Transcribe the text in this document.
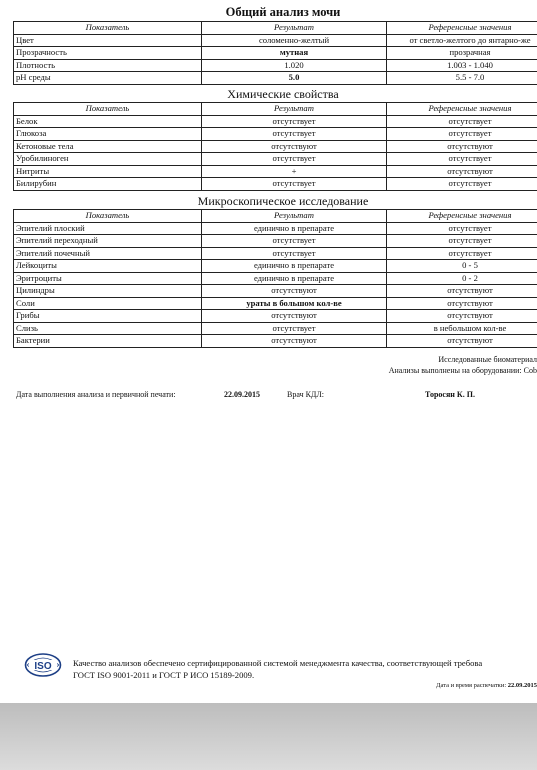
Общий анализ мочи
Показатель	Результат	Референсные значения
Цвет	соломенно-желтый	от светло-желтого до янтарно-же
Прозрачность	мутная	прозрачная
Плотность	1.020	1.003 - 1.040
pH среды	5.0	5.5 - 7.0
Химические свойства
Показатель	Результат	Референсные значения
Белок	отсутствует	отсутствует
Глюкоза	отсутствует	отсутствует
Кетоновые тела	отсутствуют	отсутствуют
Уробилиноген	отсутствует	отсутствует
Нитриты	+	отсутствуют
Билирубин	отсутствует	отсутствует
Микроскопическое исследование
Показатель	Результат	Референсные значения
Эпителий плоский	единично в препарате	отсутствует
Эпителий переходный	отсутствует	отсутствует
Эпителий почечный	отсутствует	отсутствует
Лейкоциты	единично в препарате	0 - 5
Эритроциты	единично в препарате	0 - 2
Цилиндры	отсутствуют	отсутствуют
Соли	ураты в большом кол-ве	отсутствуют
Грибы	отсутствуют	отсутствуют
Слизь	отсутствует	в небольшом кол-ве
Бактерии	отсутствуют	отсутствуют
Исследованные биоматериал
Анализы выполнены на оборудовании: Cob
Дата выполнения анализа и первичной печати:	22.09.2015	Врач КДЛ:	Торосян К. П.
ISO Качество анализов обеспечено сертифицированной системой менеджмента качества, соответствующей требова
ГОСТ ISO 9001-2011 и ГОСТ Р ИСО 15189-2009.
Дата и время распечатки: 22.09.2015
